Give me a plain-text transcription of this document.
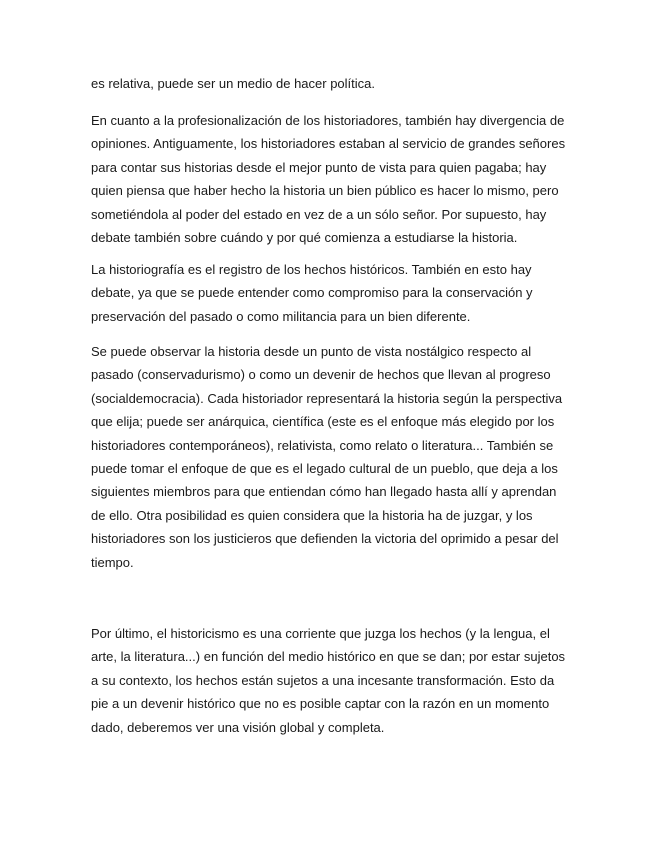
es relativa, puede ser un medio de hacer política.

En cuanto a la profesionalización de los historiadores, también hay divergencia de
opiniones. Antiguamente, los historiadores estaban al servicio de grandes señores
para contar sus historias desde el mejor punto de vista para quien pagaba; hay
quien piensa que haber hecho la historia un bien público es hacer lo mismo, pero
sometiéndola al poder del estado en vez de a un sólo señor. Por supuesto, hay
debate también sobre cuándo y por qué comienza a estudiarse la historia.

La historiografía es el registro de los hechos históricos. También en esto hay
debate, ya que se puede entender como compromiso para la conservación y
preservación del pasado o como militancia para un bien diferente.

Se puede observar la historia desde un punto de vista nostálgico respecto al
pasado (conservadurismo) o como un devenir de hechos que llevan al progreso
(socialdemocracia). Cada historiador representará la historia según la perspectiva
que elija; puede ser anárquica, científica (este es el enfoque más elegido por los
historiadores contemporáneos), relativista, como relato o literatura... También se
puede tomar el enfoque de que es el legado cultural de un pueblo, que deja a los
siguientes miembros para que entiendan cómo han llegado hasta allí y aprendan
de ello. Otra posibilidad es quien considera que la historia ha de juzgar, y los
historiadores son los justicieros que defienden la victoria del oprimido a pesar del
tiempo.

Por último, el historicismo es una corriente que juzga los hechos (y la lengua, el
arte, la literatura...) en función del medio histórico en que se dan; por estar sujetos
a su contexto, los hechos están sujetos a una incesante transformación. Esto da
pie a un devenir histórico que no es posible captar con la razón en un momento
dado, deberemos ver una visión global y completa.
